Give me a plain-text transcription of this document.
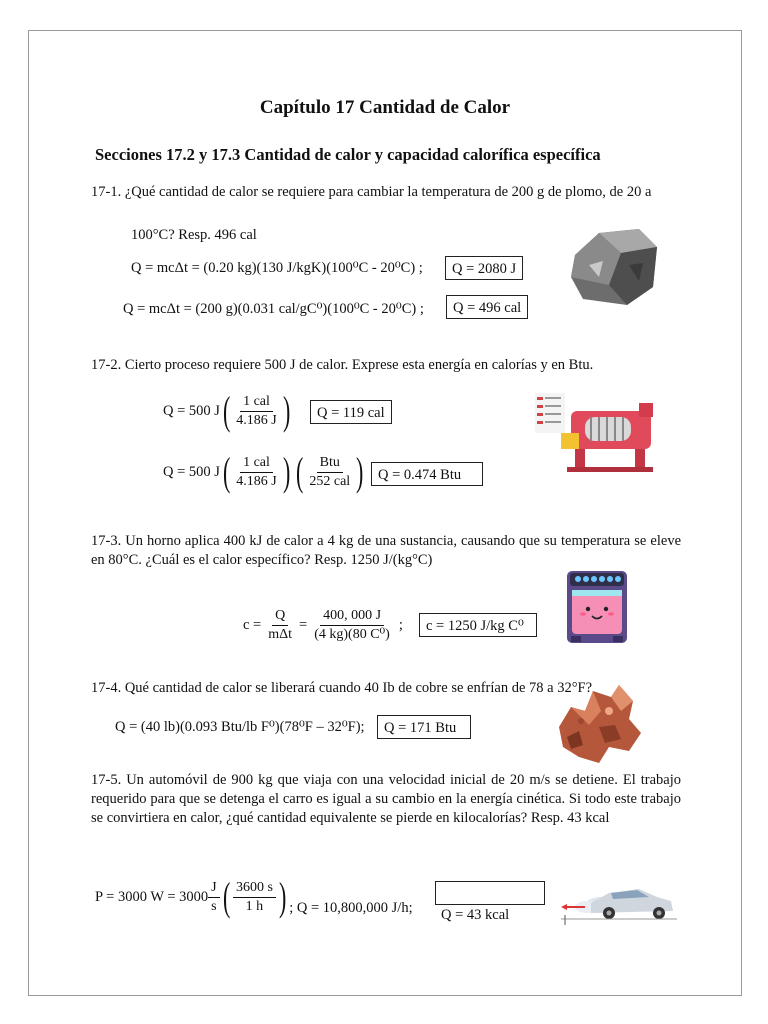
Capítulo 17 Cantidad de Calor
Secciones 17.2 y 17.3 Cantidad de calor y capacidad calorífica específica
17-1. ¿Qué cantidad de calor se requiere para cambiar la temperatura de 200 g de plomo, de 20 a
100°C? Resp. 496 cal
Q = mcΔt = (0.20 kg)(130 J/kgK)(100⁰C - 20⁰C) ;	Q = 2080 J
Q = mcΔt = (200 g)(0.031 cal/gC⁰)(100⁰C - 20⁰C) ;	Q = 496 cal
17-2. Cierto proceso requiere 500 J de calor. Exprese esta energía en calorías y en Btu.
Q = 500 J ( $\frac{\text{1 cal}}{4.186 J}$ )	Q = 119 cal
Q = 500 J ( $\frac{\text{1 cal}}{4.186 J}$ ) ( $\frac{\text{Btu}}{\text{252 cal}}$ ) Q = 0.474 Btu
17-3. Un horno aplica 400 kJ de calor a 4 kg de una sustancia, causando que su temperatura se eleve en 80°C. ¿Cuál es el calor específico? Resp. 1250 J/(kg°C)
$c = \frac{Q}{\text{mΔt}} = \frac{400, 000 J}{\text{(4 kg)(80 C⁰)}}$ ;	c = 1250 J/kg C⁰
17-4. Qué cantidad de calor se liberará cuando 40 Ib de cobre se enfrían de 78 a 32°F?
Q = (40 lb)(0.093 Btu/lb F⁰)(78⁰F – 32⁰F);	Q = 171 Btu
17-5. Un automóvil de 900 kg que viaja con una velocidad inicial de 20 m/s se detiene. El trabajo requerido para que se detenga el carro es igual a su cambio en la energía cinética. Si todo este trabajo se convirtiera en calor, ¿qué cantidad equivalente se pierde en kilocalorías? Resp. 43 kcal
P = 3000 $W = 3000 \frac{J}{s}$ ( $\frac{3600 s}{1 h}$ ) ; Q = 10,800,000 J/h; Q = 43 kcal
